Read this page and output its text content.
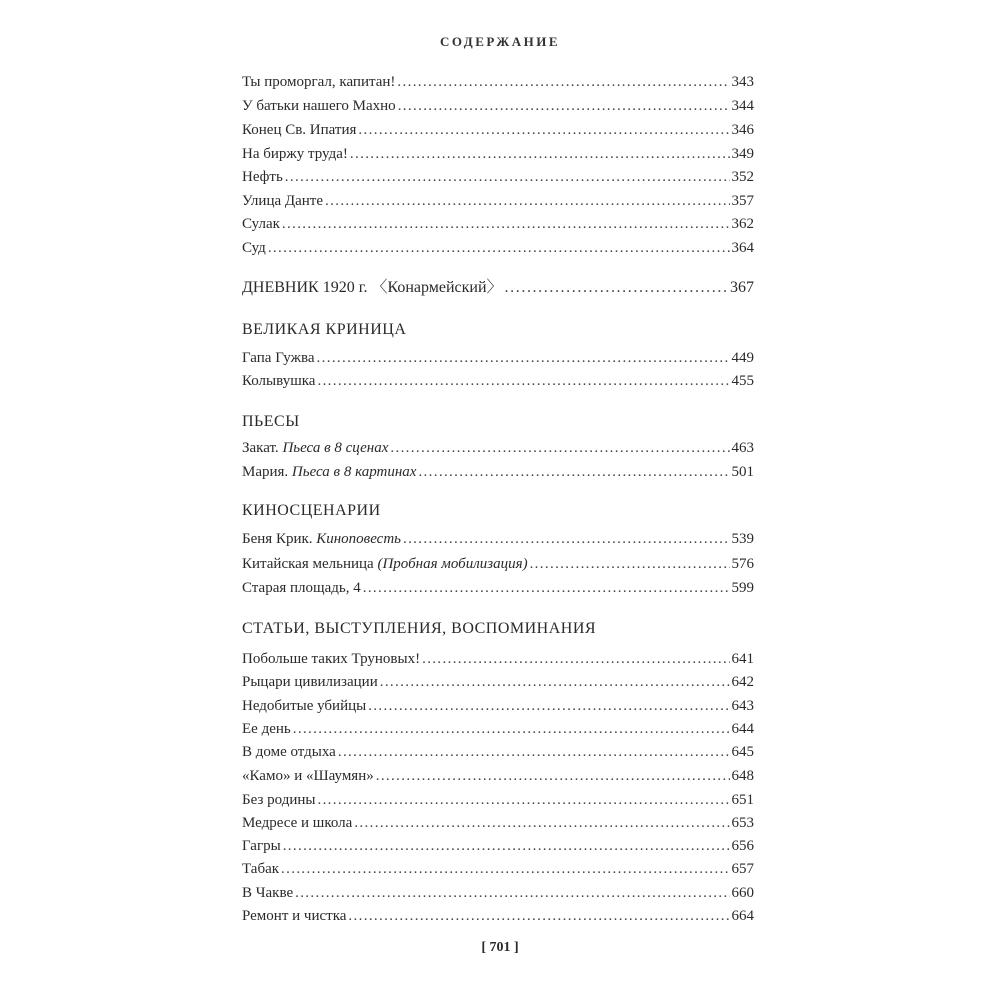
СОДЕРЖАНИЕ
Ты проморгал, капитан! . . .	343
У батьки нашего Махно . . .	344
Конец Св. Ипатия . . .	346
На биржу труда! . . .	349
Нефть . . .	352
Улица Данте . . .	357
Сулак . . .	362
Суд . . .	364
ДНЕВНИК 1920 г. 〈Конармейский〉 . . .	367
ВЕЛИКАЯ КРИНИЦА
Гапа Гужва . . .	449
Колывушка . . .	455
ПЬЕСЫ
Закат. Пьеса в 8 сценах . . .	463
Мария. Пьеса в 8 картинах . . .	501
КИНОСЦЕНАРИИ
Беня Крик. Киноповесть . . .	539
Китайская мельница (Пробная мобилизация) . . .	576
Старая площадь, 4 . . .	599
СТАТЬИ, ВЫСТУПЛЕНИЯ, ВОСПОМИНАНИЯ
Побольше таких Труновых! . . .	641
Рыцари цивилизации . . .	642
Недобитые убийцы . . .	643
Ее день . . .	644
В доме отдыха . . .	645
«Камо» и «Шаумян» . . .	648
Без родины . . .	651
Медресе и школа . . .	653
Гагры . . .	656
Табак . . .	657
В Чакве . . .	660
Ремонт и чистка . . .	664
[ 701 ]
